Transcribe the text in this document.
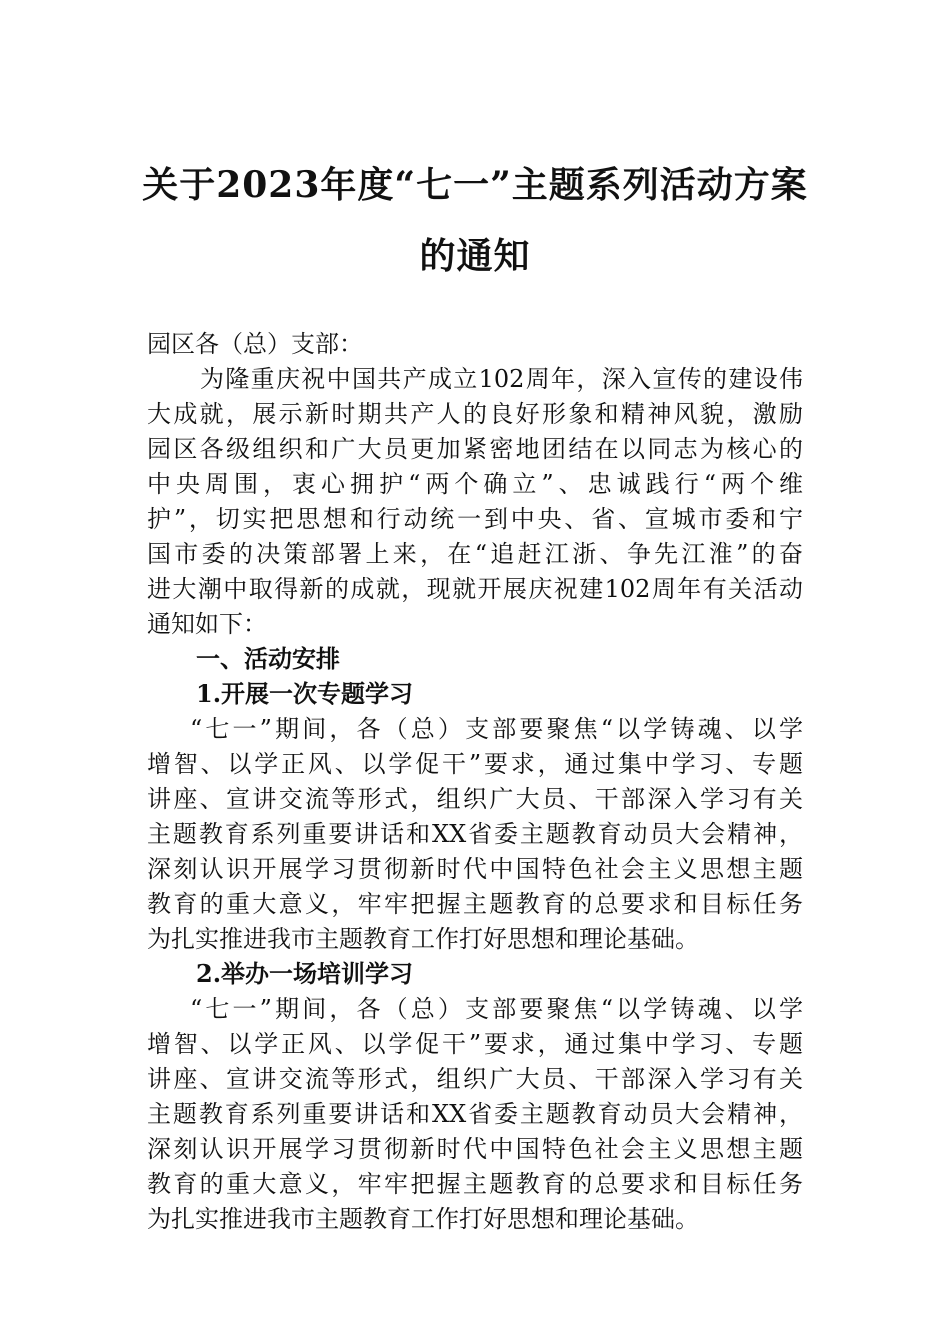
关于2023年度“七一”主题系列活动方案
的通知
园区各（总）支部：
为隆重庆祝中国共产成立102周年，深入宣传的建设伟
大成就，展示新时期共产人的良好形象和精神风貌，激励
园区各级组织和广大员更加紧密地团结在以同志为核心的
中央周围，衷心拥护“两个确立”、忠诚践行“两个维
护”，切实把思想和行动统一到中央、省、宣城市委和宁
国市委的决策部署上来，在“追赶江浙、争先江淮”的奋
进大潮中取得新的成就，现就开展庆祝建102周年有关活动
通知如下：
一、活动安排
1.开展一次专题学习
“七一”期间，各（总）支部要聚焦“以学铸魂、以学
增智、以学正风、以学促干”要求，通过集中学习、专题
讲座、宣讲交流等形式，组织广大员、干部深入学习有关
主题教育系列重要讲话和XX省委主题教育动员大会精神，
深刻认识开展学习贯彻新时代中国特色社会主义思想主题
教育的重大意义，牢牢把握主题教育的总要求和目标任务
为扎实推进我市主题教育工作打好思想和理论基础。
2.举办一场培训学习
“七一”期间，各（总）支部要聚焦“以学铸魂、以学
增智、以学正风、以学促干”要求，通过集中学习、专题
讲座、宣讲交流等形式，组织广大员、干部深入学习有关
主题教育系列重要讲话和XX省委主题教育动员大会精神，
深刻认识开展学习贯彻新时代中国特色社会主义思想主题
教育的重大意义，牢牢把握主题教育的总要求和目标任务
为扎实推进我市主题教育工作打好思想和理论基础。
